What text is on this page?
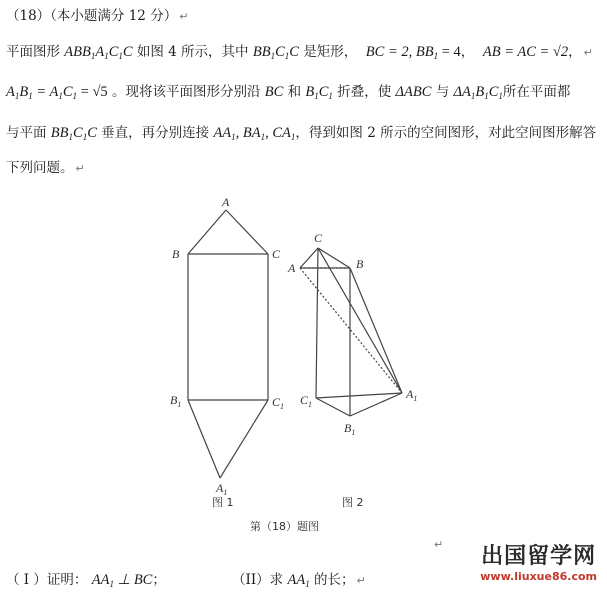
（18）（本小题满分 12 分） ↵
平面图形 $ABB_1A_1C_1C$ 如图 4 所示，其中 $BB_1C_1C$ 是矩形， BC = 2, $BB_1 = 4$，  AB = AC = √2， ↵
$A_1B_1 = A_1C_1 = √5$ 。现将该平面图形分别沿 BC 和 $B_1C_1$ 折叠，使 ΔABC 与 $\Delta A_1B_1C_1$所在平面都
与平面 $BB_1C_1C$ 垂直，再分别连接 $AA_1$, $BA_1$, $CA_1$，得到如图 2 所示的空间图形，对此空间图形解答
下列问题。 ↵
A
B	C
$B_1$	$C_1$
$A_1$
C
A	B
$C_1$
$A_1$
$B_1$
图 1	图 2
第（18）题图
↵
（ I ）证明： $AA_1$ ⊥ BC；	（II）求 $AA_1$ 的长； ↵
出国留学网
www.liuxue86.com
